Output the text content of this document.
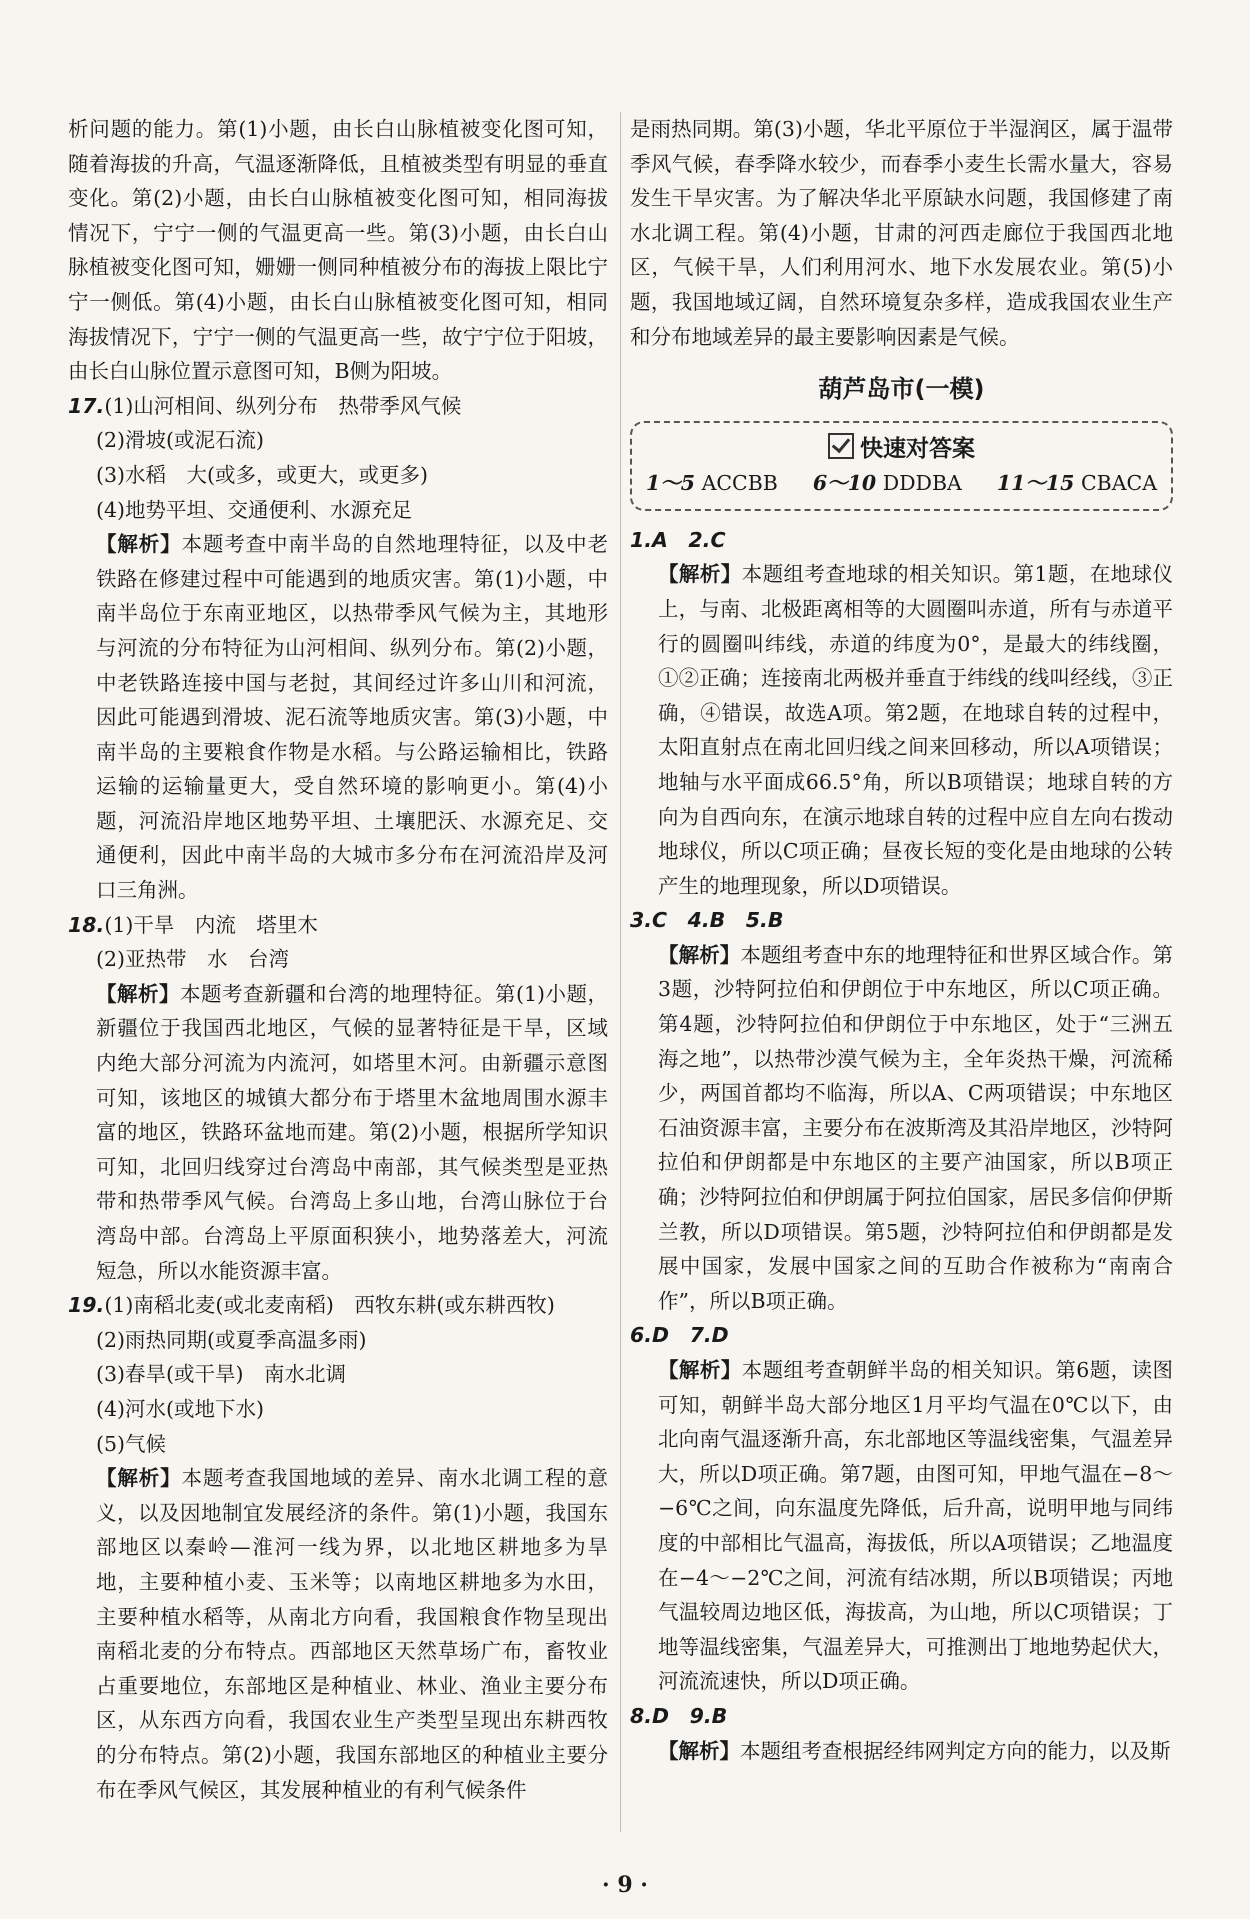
析问题的能力。第(1)小题，由长白山脉植被变化图可知，随着海拔的升高，气温逐渐降低，且植被类型有明显的垂直变化。第(2)小题，由长白山脉植被变化图可知，相同海拔情况下，宁宁一侧的气温更高一些。第(3)小题，由长白山脉植被变化图可知，姗姗一侧同种植被分布的海拔上限比宁宁一侧低。第(4)小题，由长白山脉植被变化图可知，相同海拔情况下，宁宁一侧的气温更高一些，故宁宁位于阳坡，由长白山脉位置示意图可知，B侧为阳坡。

17.(1)山河相间、纵列分布　热带季风气候

(2)滑坡(或泥石流)

(3)水稻　大(或多，或更大，或更多)

(4)地势平坦、交通便利、水源充足

【解析】本题考查中南半岛的自然地理特征，以及中老铁路在修建过程中可能遇到的地质灾害。第(1)小题，中南半岛位于东南亚地区，以热带季风气候为主，其地形与河流的分布特征为山河相间、纵列分布。第(2)小题，中老铁路连接中国与老挝，其间经过许多山川和河流，因此可能遇到滑坡、泥石流等地质灾害。第(3)小题，中南半岛的主要粮食作物是水稻。与公路运输相比，铁路运输的运输量更大，受自然环境的影响更小。第(4)小题，河流沿岸地区地势平坦、土壤肥沃、水源充足、交通便利，因此中南半岛的大城市多分布在河流沿岸及河口三角洲。

18.(1)干旱　内流　塔里木

(2)亚热带　水　台湾

【解析】本题考查新疆和台湾的地理特征。第(1)小题，新疆位于我国西北地区，气候的显著特征是干旱，区域内绝大部分河流为内流河，如塔里木河。由新疆示意图可知，该地区的城镇大都分布于塔里木盆地周围水源丰富的地区，铁路环盆地而建。第(2)小题，根据所学知识可知，北回归线穿过台湾岛中南部，其气候类型是亚热带和热带季风气候。台湾岛上多山地，台湾山脉位于台湾岛中部。台湾岛上平原面积狭小，地势落差大，河流短急，所以水能资源丰富。

19.(1)南稻北麦(或北麦南稻)　西牧东耕(或东耕西牧)

(2)雨热同期(或夏季高温多雨)

(3)春旱(或干旱)　南水北调

(4)河水(或地下水)

(5)气候

【解析】本题考查我国地域的差异、南水北调工程的意义，以及因地制宜发展经济的条件。第(1)小题，我国东部地区以秦岭—淮河一线为界，以北地区耕地多为旱地，主要种植小麦、玉米等；以南地区耕地多为水田，主要种植水稻等，从南北方向看，我国粮食作物呈现出南稻北麦的分布特点。西部地区天然草场广布，畜牧业占重要地位，东部地区是种植业、林业、渔业主要分布区，从东西方向看，我国农业生产类型呈现出东耕西牧的分布特点。第(2)小题，我国东部地区的种植业主要分布在季风气候区，其发展种植业的有利气候条件

是雨热同期。第(3)小题，华北平原位于半湿润区，属于温带季风气候，春季降水较少，而春季小麦生长需水量大，容易发生干旱灾害。为了解决华北平原缺水问题，我国修建了南水北调工程。第(4)小题，甘肃的河西走廊位于我国西北地区，气候干旱，人们利用河水、地下水发展农业。第(5)小题，我国地域辽阔，自然环境复杂多样，造成我国农业生产和分布地域差异的最主要影响因素是气候。

葫芦岛市(一模)
快速对答案
1～5 ACCBB 6～10 DDDBA 11～15 CBACA

1.A　2.C

【解析】本题组考查地球的相关知识。第1题，在地球仪上，与南、北极距离相等的大圆圈叫赤道，所有与赤道平行的圆圈叫纬线，赤道的纬度为0°，是最大的纬线圈，①②正确；连接南北两极并垂直于纬线的线叫经线，③正确，④错误，故选A项。第2题，在地球自转的过程中，太阳直射点在南北回归线之间来回移动，所以A项错误；地轴与水平面成66.5°角，所以B项错误；地球自转的方向为自西向东，在演示地球自转的过程中应自左向右拨动地球仪，所以C项正确；昼夜长短的变化是由地球的公转产生的地理现象，所以D项错误。

3.C　4.B　5.B

【解析】本题组考查中东的地理特征和世界区域合作。第3题，沙特阿拉伯和伊朗位于中东地区，所以C项正确。第4题，沙特阿拉伯和伊朗位于中东地区，处于“三洲五海之地”，以热带沙漠气候为主，全年炎热干燥，河流稀少，两国首都均不临海，所以A、C两项错误；中东地区石油资源丰富，主要分布在波斯湾及其沿岸地区，沙特阿拉伯和伊朗都是中东地区的主要产油国家，所以B项正确；沙特阿拉伯和伊朗属于阿拉伯国家，居民多信仰伊斯兰教，所以D项错误。第5题，沙特阿拉伯和伊朗都是发展中国家，发展中国家之间的互助合作被称为“南南合作”，所以B项正确。

6.D　7.D

【解析】本题组考查朝鲜半岛的相关知识。第6题，读图可知，朝鲜半岛大部分地区1月平均气温在0℃以下，由北向南气温逐渐升高，东北部地区等温线密集，气温差异大，所以D项正确。第7题，由图可知，甲地气温在−8～−6℃之间，向东温度先降低，后升高，说明甲地与同纬度的中部相比气温高，海拔低，所以A项错误；乙地温度在−4～−2℃之间，河流有结冰期，所以B项错误；丙地气温较周边地区低，海拔高，为山地，所以C项错误；丁地等温线密集，气温差异大，可推测出丁地地势起伏大，河流流速快，所以D项正确。

8.D　9.B

【解析】本题组考查根据经纬网判定方向的能力，以及斯

· 9 ·
